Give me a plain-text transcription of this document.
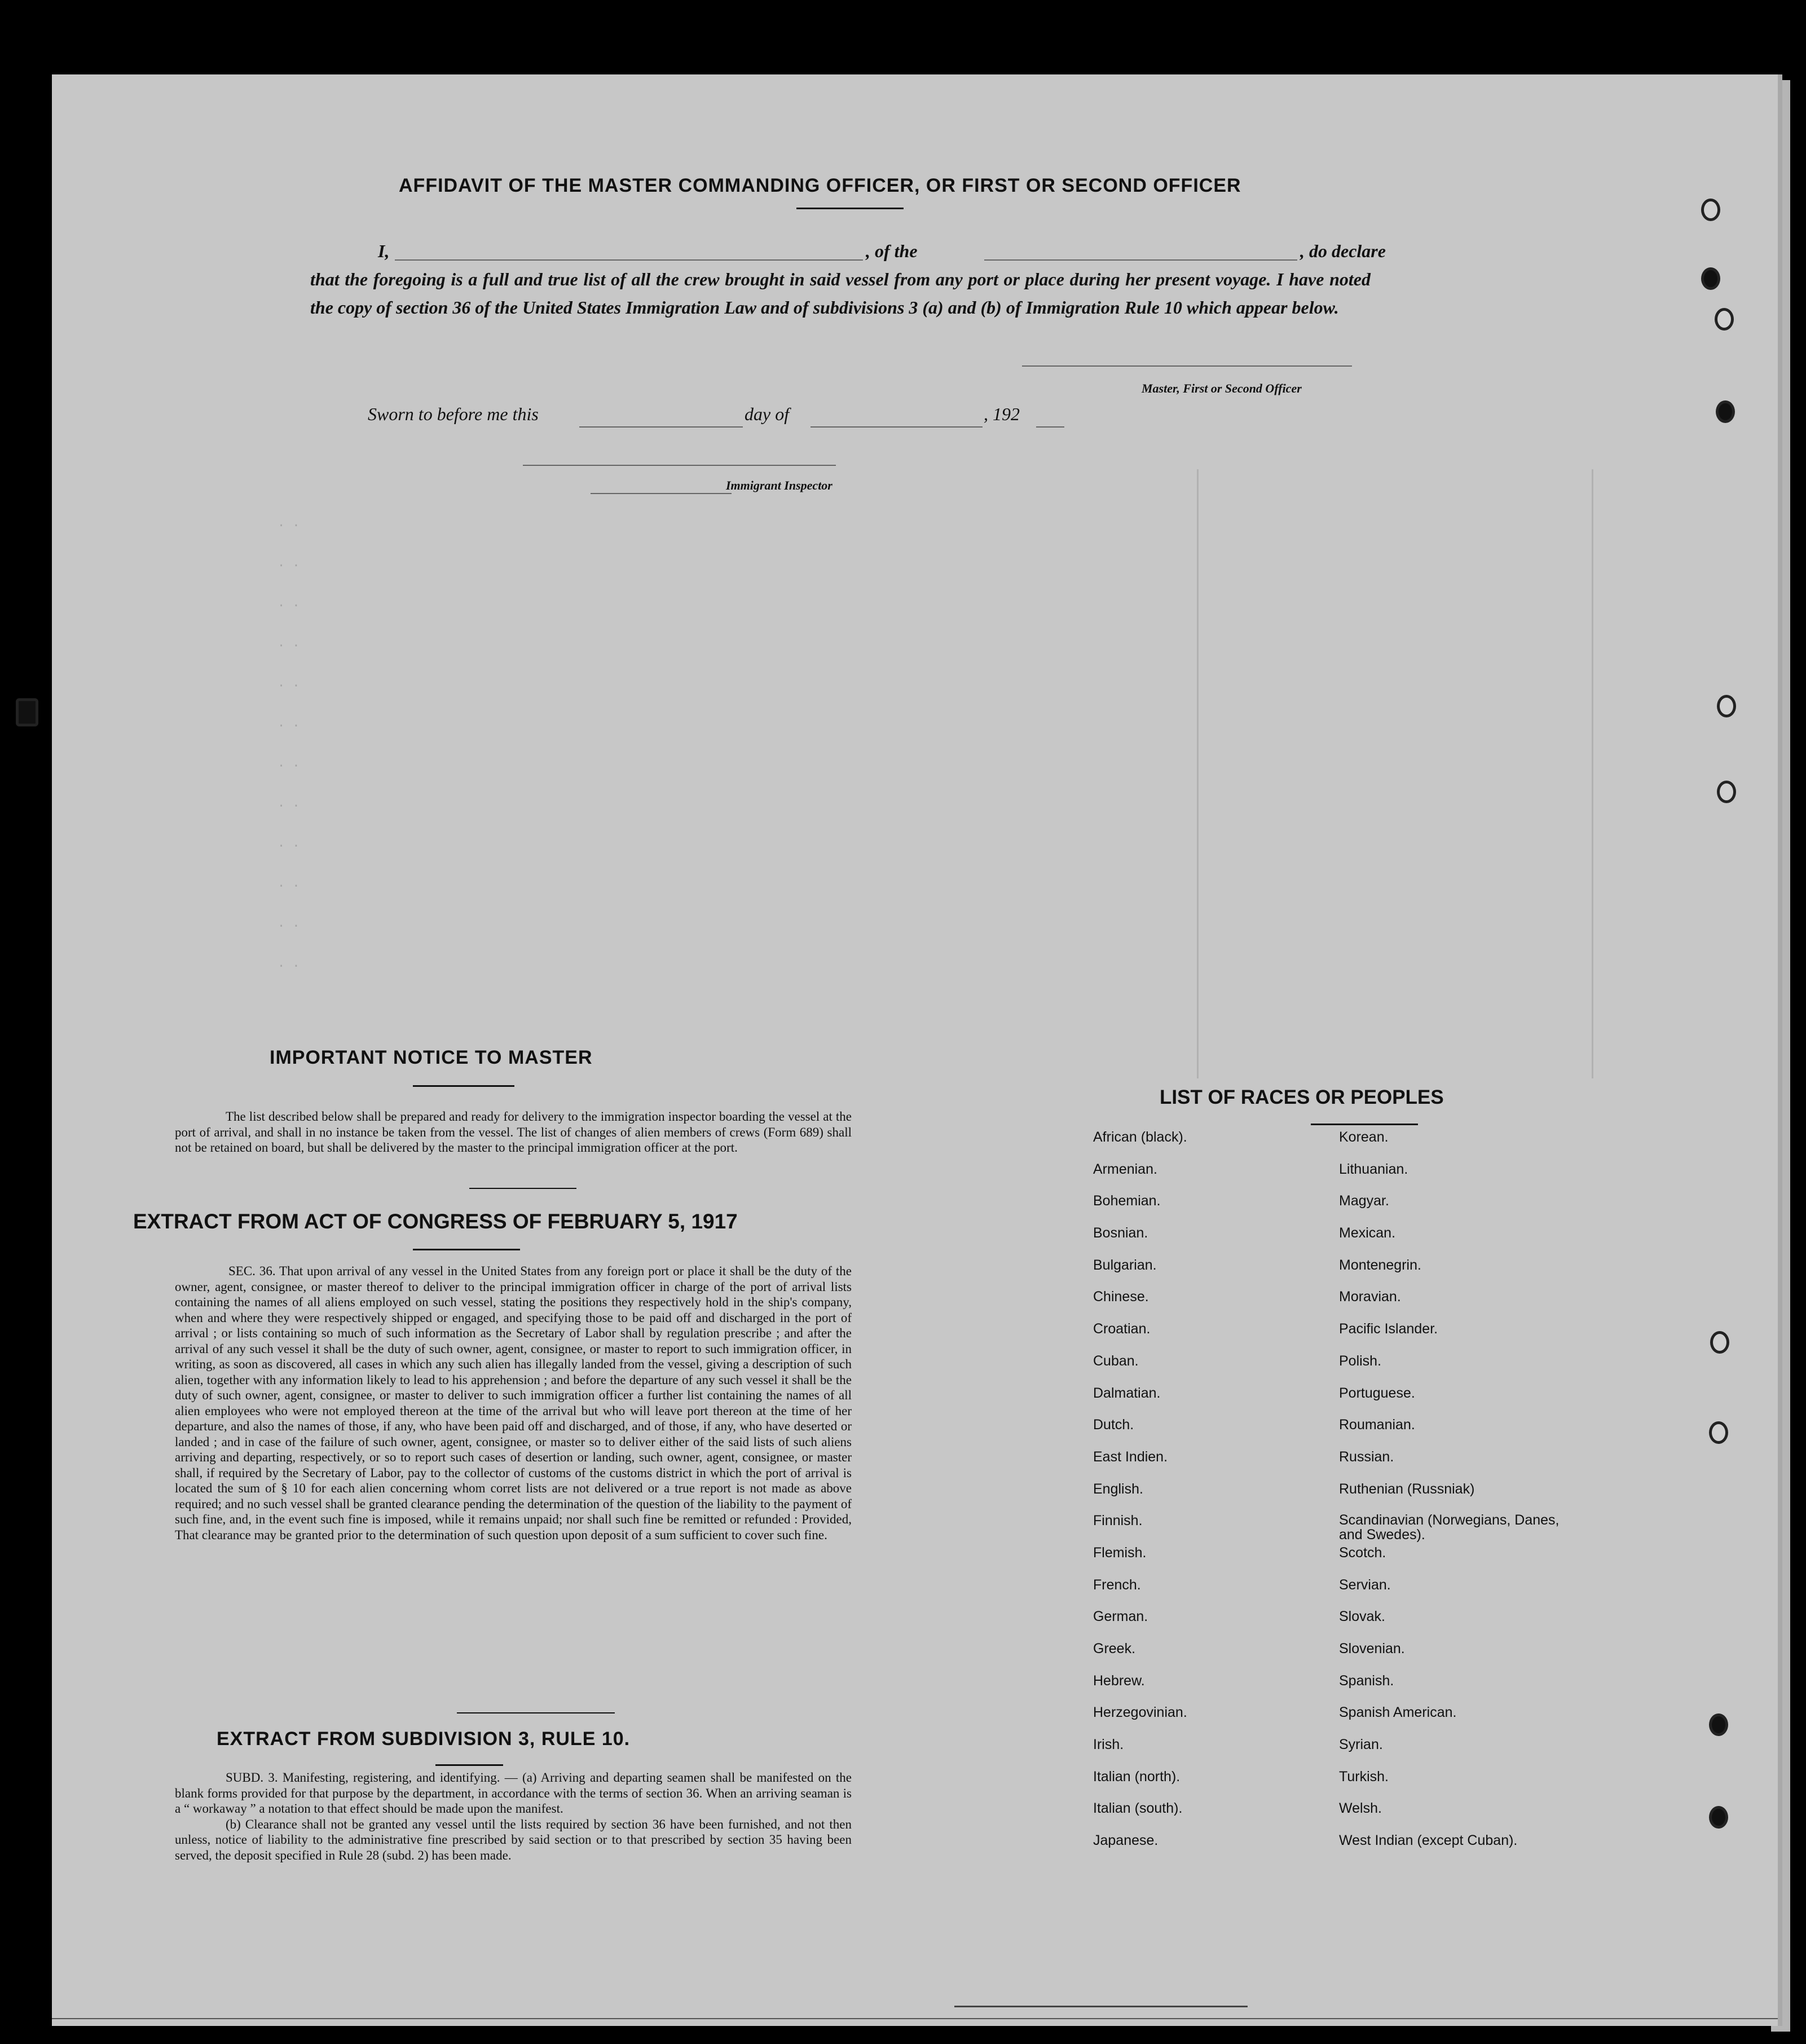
. .
. .
. .
. .
. .
. .
. .
. .
. .
. .
. .
. .
AFFIDAVIT OF THE MASTER COMMANDING OFFICER, OR FIRST OR SECOND OFFICER
I,	, of the	, do declare
that the foregoing is a full and true list of all the crew brought in said vessel from any port or place during her present voyage. I have noted the copy of section 36 of the United States Immigration Law and of subdivisions 3 (a) and (b) of Immigration Rule 10 which appear below.
Master, First or Second Officer
Sworn to before me this	day of	, 192
Immigrant Inspector
IMPORTANT NOTICE TO MASTER
The list described below shall be prepared and ready for delivery to the immigration inspector boarding the vessel at the port of arrival, and shall in no instance be taken from the vessel. The list of changes of alien members of crews (Form 689) shall not be retained on board, but shall be delivered by the master to the principal immigration officer at the port.
EXTRACT FROM ACT OF CONGRESS OF FEBRUARY 5, 1917
SEC. 36. That upon arrival of any vessel in the United States from any foreign port or place it shall be the duty of the owner, agent, consignee, or master thereof to deliver to the principal immigration officer in charge of the port of arrival lists containing the names of all aliens employed on such vessel, stating the positions they respectively hold in the ship's company, when and where they were respectively shipped or engaged, and specifying those to be paid off and discharged in the port of arrival ; or lists containing so much of such information as the Secretary of Labor shall by regulation prescribe ; and after the arrival of any such vessel it shall be the duty of such owner, agent, consignee, or master to report to such immigration officer, in writing, as soon as discovered, all cases in which any such alien has illegally landed from the vessel, giving a description of such alien, together with any information likely to lead to his apprehension ; and before the departure of any such vessel it shall be the duty of such owner, agent, consignee, or master to deliver to such immigration officer a further list containing the names of all alien employees who were not employed thereon at the time of the arrival but who will leave port thereon at the time of her departure, and also the names of those, if any, who have been paid off and discharged, and of those, if any, who have deserted or landed ; and in case of the failure of such owner, agent, consignee, or master so to deliver either of the said lists of such aliens arriving and departing, respectively, or so to report such cases of desertion or landing, such owner, agent, consignee, or master shall, if required by the Secretary of Labor, pay to the collector of customs of the customs district in which the port of arrival is located the sum of § 10 for each alien concerning whom corret lists are not delivered or a true report is not made as above required; and no such vessel shall be granted clearance pending the determination of the question of the liability to the payment of such fine, and, in the event such fine is imposed, while it remains unpaid; nor shall such fine be remitted or refunded : Provided, That clearance may be granted prior to the determination of such question upon deposit of a sum sufficient to cover such fine.
EXTRACT FROM SUBDIVISION 3, RULE 10.
SUBD. 3. Manifesting, registering, and identifying. — (a) Arriving and departing seamen shall be manifested on the blank forms provided for that purpose by the department, in accordance with the terms of section 36. When an arriving seaman is a “ workaway ” a notation to that effect should be made upon the manifest.
(b) Clearance shall not be granted any vessel until the lists required by section 36 have been furnished, and not then unless, notice of liability to the administrative fine prescribed by said section or to that prescribed by section 35 having been served, the deposit specified in Rule 28 (subd. 2) has been made.
LIST OF RACES OR PEOPLES
African (black).
Armenian.
Bohemian.
Bosnian.
Bulgarian.
Chinese.
Croatian.
Cuban.
Dalmatian.
Dutch.
East Indien.
English.
Finnish.
Flemish.
French.
German.
Greek.
Hebrew.
Herzegovinian.
Irish.
Italian (north).
Italian (south).
Japanese.
Korean.
Lithuanian.
Magyar.
Mexican.
Montenegrin.
Moravian.
Pacific Islander.
Polish.
Portuguese.
Roumanian.
Russian.
Ruthenian (Russniak)
Scandinavian (Norwegians, Danes, and Swedes).
Scotch.
Servian.
Slovak.
Slovenian.
Spanish.
Spanish American.
Syrian.
Turkish.
Welsh.
West Indian (except Cuban).
